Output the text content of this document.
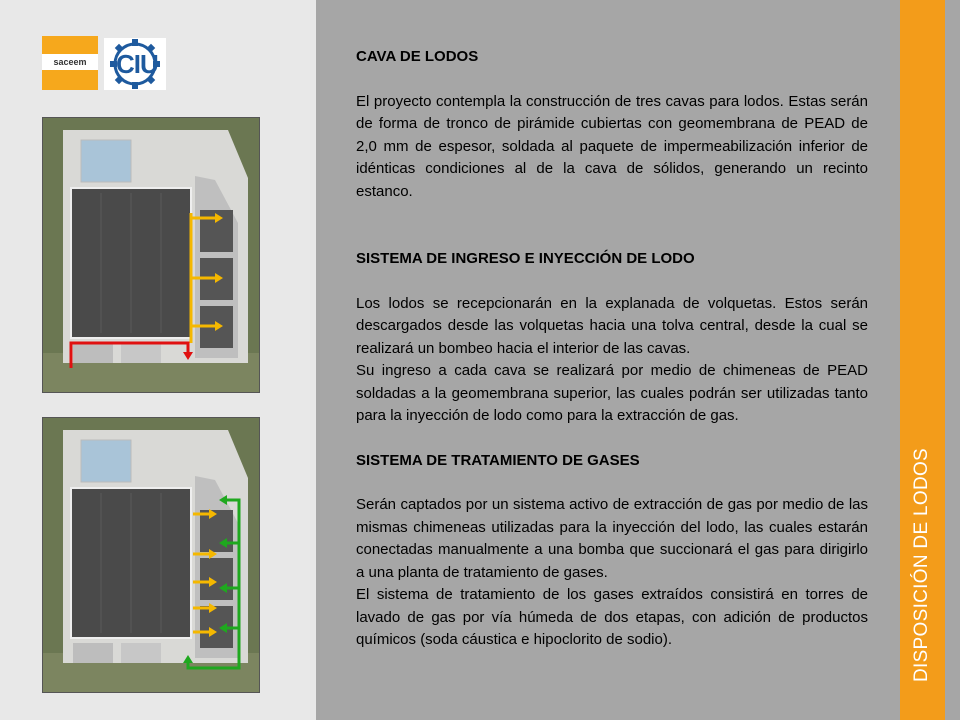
saceem CIU	CAVA DE LODOS

El proyecto contempla la construcción de tres cavas para lodos. Estas serán de forma de tronco de pirámide cubiertas con geomembrana de PEAD de 2,0 mm de espesor, soldada al paquete de impermeabilización inferior de idénticas condiciones al de la cava de sólidos, generando un recinto estanco.

SISTEMA DE INGRESO E INYECCIÓN DE LODO

Los lodos se recepcionarán en la explanada de volquetas. Estos serán descargados desde las volquetas hacia una tolva central, desde la cual se realizará un bombeo hacia el interior de las cavas.

Su ingreso a cada cava se realizará por medio de chimeneas de PEAD soldadas a la geomembrana superior, las cuales podrán ser utilizadas tanto para la inyección de lodo como para la extracción de gas.

SISTEMA DE TRATAMIENTO DE GASES

Serán captados por un sistema activo de extracción de gas por medio de las mismas chimeneas utilizadas para la inyección del lodo, las cuales estarán conectadas manualmente a una bomba que succionará el gas para dirigirlo a una planta de tratamiento de gases.

El sistema de tratamiento de los gases extraídos consistirá en torres de lavado de gas por vía húmeda de dos etapas, con adición de productos químicos (soda cáustica e hipoclorito de sodio).	DISPOSICIÓN DE LODOS
